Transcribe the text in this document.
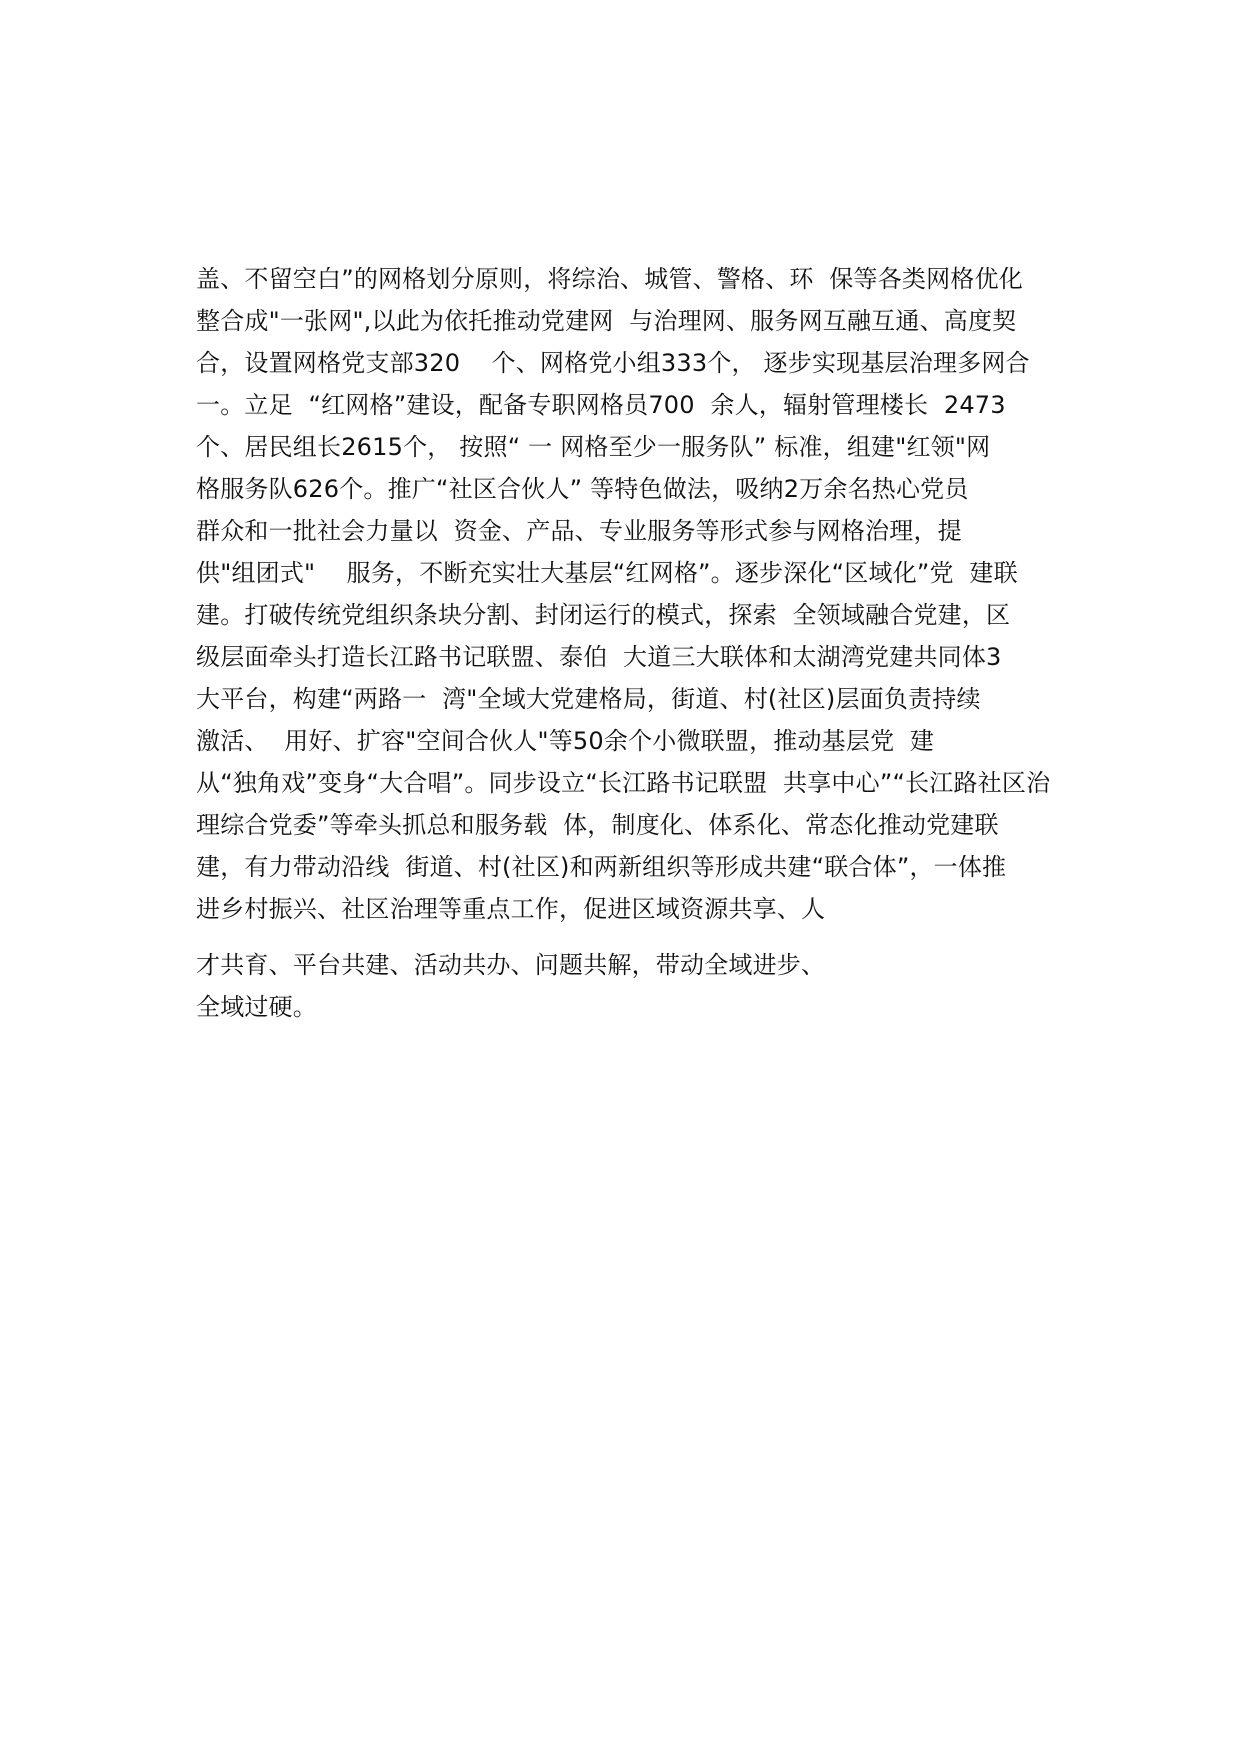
盖、不留空白”的网格划分原则，将综治、城管、警格、环  保等各类网格优化
整合成"一张网",以此为依托推动党建网  与治理网、服务网互融互通、高度契
合，设置网格党支部320    个、网格党小组333个， 逐步实现基层治理多网合
一。立足  “红网格”建设，配备专职网格员700  余人，辐射管理楼长  2473
个、居民组长2615个， 按照“ 一 网格至少一服务队” 标准，组建"红领"网
格服务队626个。推广“社区合伙人” 等特色做法，吸纳2万余名热心党员
群众和一批社会力量以  资金、产品、专业服务等形式参与网格治理，提
供"组团式"    服务，不断充实壮大基层“红网格”。逐步深化“区域化”党  建联
建。打破传统党组织条块分割、封闭运行的模式，探索  全领域融合党建，区
级层面牵头打造长江路书记联盟、泰伯  大道三大联体和太湖湾党建共同体3
大平台，构建“两路一  湾"全域大党建格局，街道、村(社区)层面负责持续
激活、  用好、扩容"空间合伙人"等50余个小微联盟，推动基层党  建
从“独角戏”变身“大合唱”。同步设立“长江路书记联盟  共享中心”“长江路社区治
理综合党委”等牵头抓总和服务载  体，制度化、体系化、常态化推动党建联
建，有力带动沿线  街道、村(社区)和两新组织等形成共建“联合体”，一体推
进乡村振兴、社区治理等重点工作，促进区域资源共享、人
才共育、平台共建、活动共办、问题共解，带动全域进步、
全域过硬。
